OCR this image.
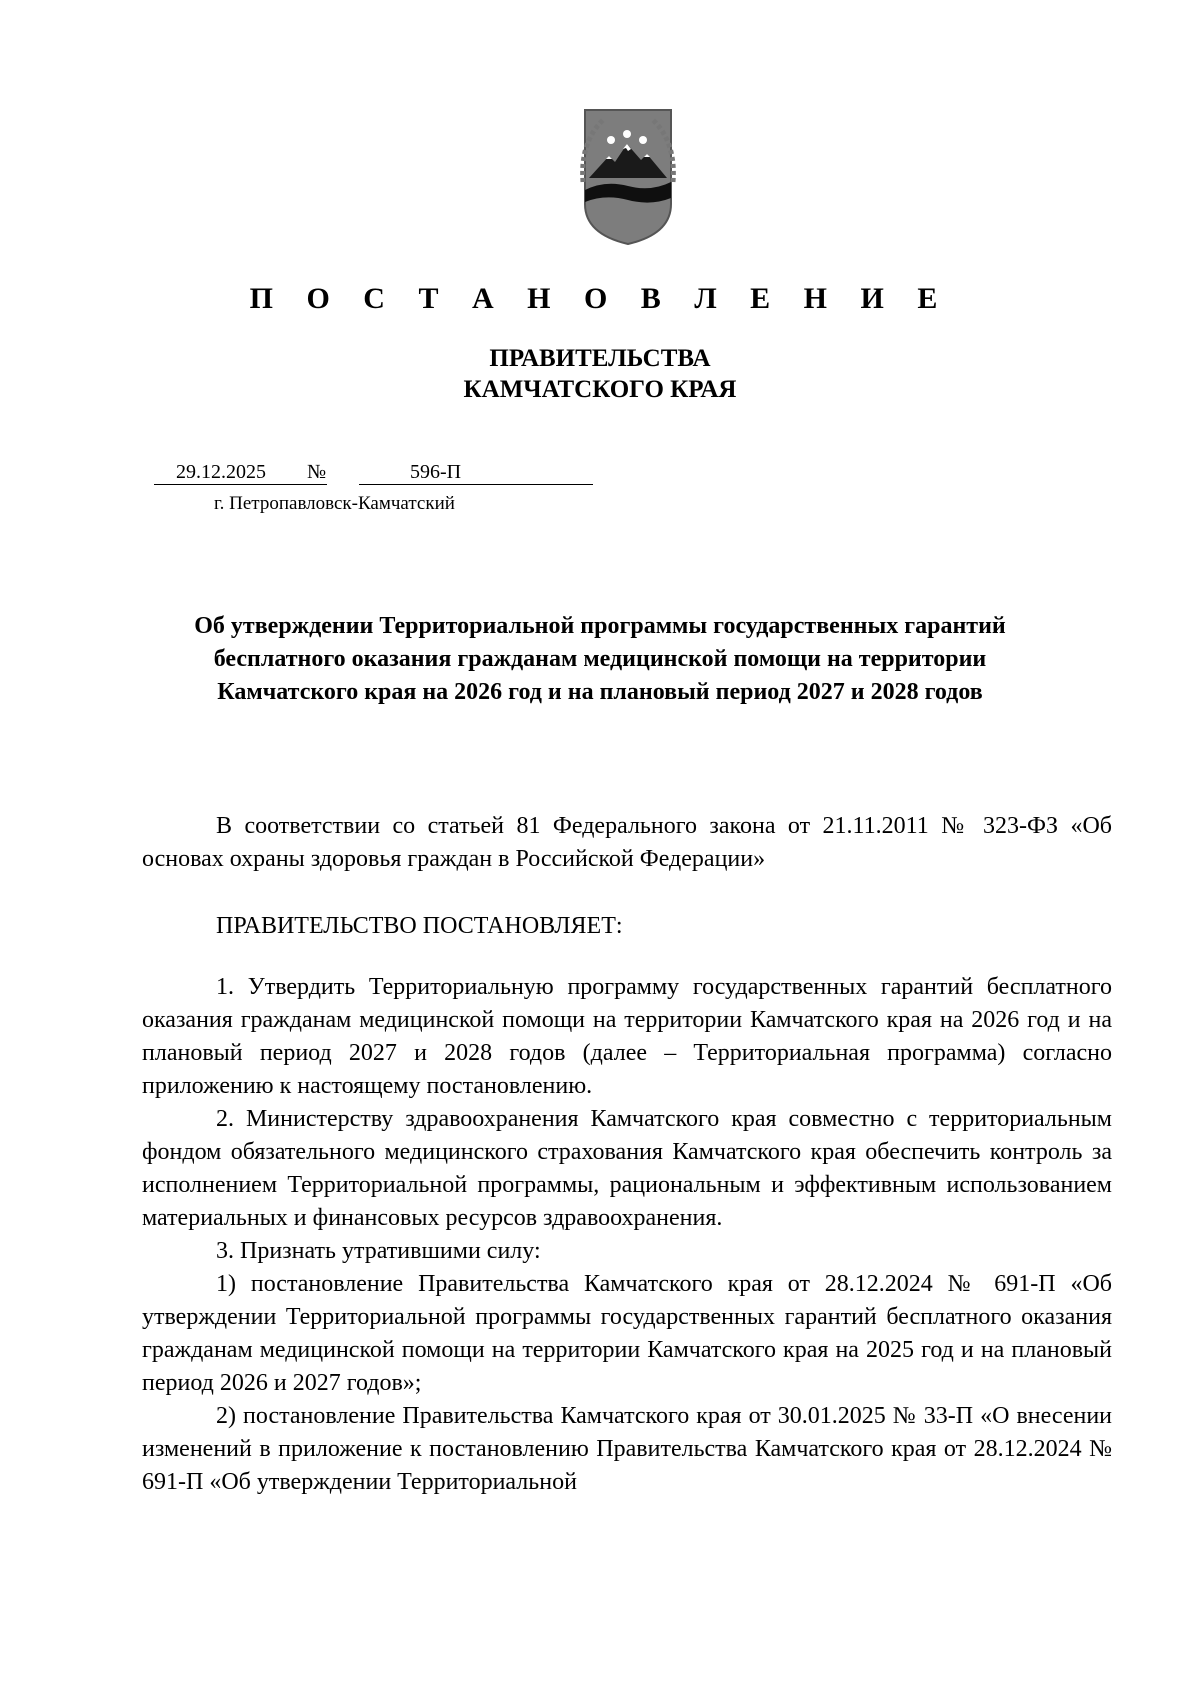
П О С Т А Н О В Л Е Н И Е
ПРАВИТЕЛЬСТВА
КАМЧАТСКОГО КРАЯ
29.12.2025 №	596-П
г. Петропавловск-Камчатский
Об утверждении Территориальной программы государственных гарантий бесплатного оказания гражданам медицинской помощи на территории Камчатского края на 2026 год и на плановый период 2027 и 2028 годов

В соответствии со статьей 81 Федерального закона от 21.11.2011 № 323-ФЗ «Об основах охраны здоровья граждан в Российской Федерации»

ПРАВИТЕЛЬСТВО ПОСТАНОВЛЯЕТ:

1. Утвердить Территориальную программу государственных гарантий бесплатного оказания гражданам медицинской помощи на территории Камчатского края на 2026 год и на плановый период 2027 и 2028 годов (далее – Территориальная программа) согласно приложению к настоящему постановлению.

2. Министерству здравоохранения Камчатского края совместно с территориальным фондом обязательного медицинского страхования Камчатского края обеспечить контроль за исполнением Территориальной программы, рациональным и эффективным использованием материальных и финансовых ресурсов здравоохранения.

3. Признать утратившими силу:

1) постановление Правительства Камчатского края от 28.12.2024 № 691-П «Об утверждении Территориальной программы государственных гарантий бесплатного оказания гражданам медицинской помощи на территории Камчатского края на 2025 год и на плановый период 2026 и 2027 годов»;

2) постановление Правительства Камчатского края от 30.01.2025 № 33-П «О внесении изменений в приложение к постановлению Правительства Камчатского края от 28.12.2024 № 691-П «Об утверждении Территориальной
